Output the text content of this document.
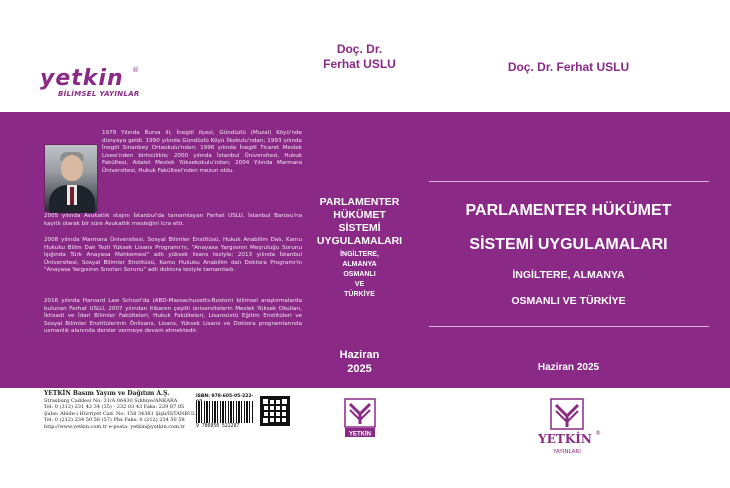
yetkin ®
BİLİMSEL YAYINLAR

1979 Yılında Bursa ili, İnegöl ilçesi, Gündüzlü (Muzal) Köyü'nde dünyaya geldi. 1990 yılında Gündüzlü Köyü İlkokulu'ndan; 1993 yılında İnegöl Sinanbey Ortaokulu'ndan; 1996 yılında İnegöl Ticaret Meslek Lisesi'nden birincilikle; 2000 yılında İstanbul Üniversitesi, Hukuk Fakültesi, Adalet Meslek Yüksekokulu'ndan; 2004 Yılında Marmara Üniversitesi, Hukuk Fakültesi'nden mezun oldu.

2005 yılında Avukatlık stajını İstanbul'da tamamlayan Ferhat USLU, İstanbul Barosu'na kayıtlı olarak bir süre Avukatlık mesleğini icra etti.

2008 yılında Marmara Üniversitesi, Sosyal Bilimler Enstitüsü, Hukuk Anabilim Dalı, Kamu Hukuku Bilim Dalı Tezli Yüksek Lisans Programı'nı, "Anayasa Yargısının Meşruluğu Sorunu Işığında Türk Anayasa Mahkemesi" adlı yüksek lisans teziyle; 2013 yılında İstanbul Üniversitesi, Sosyal Bilimler Enstitüsü, Kamu Hukuku Anabilim dalı Doktora Programı'nı "Anayasa Yargısının Sınırları Sorunu" adlı doktora teziyle tamamladı.

2016 yılında Harvard Law School'da (ABD-Massachusetts-Boston) bilimsel araştırmalarda bulunan Ferhat USLU, 2007 yılından itibaren çeşitli üniversitelerin Meslek Yüksek Okulları, İktisadi ve İdari Bilimler Fakülteleri, Hukuk Fakülteleri, Lisansüstü Eğitim Enstitüleri ve Sosyal Bilimler Enstitülerinin Önlisans, Lisans, Yüksek Lisans ve Doktora programlarında uzmanlık alanında dersler vermeye devam etmektedir.

YETKİN Basım Yayım ve Dağıtım A.Ş.
Strasburg Caddesi No: 31/A 06430 Sıhhiye/ANKARA
Tel: 0 (312) 231 42 34 (35) - 232 03 43 Faks: 229 87 85
Şube: Abide-i Hürriyet Cad. No: 158 34381 Şişli/İSTANBUL
Tel: 0 (212) 234 50 56 (57) Pbx Faks: 0 (212) 234 50 58
http://www.yetkin.com.tr e-posta: yetkin@yetkin.com.tr
ISBN: 978-605-05-222-
9 786050 522297
Doç. Dr.
Ferhat USLU
PARLAMENTER
HÜKÜMET
SİSTEMİ
UYGULAMALARI
İNGİLTERE,
ALMANYA
OSMANLI
VE
TÜRKİYE
Haziran
2025
YETKİN
Doç. Dr. Ferhat USLU
PARLAMENTER HÜKÜMET
SİSTEMİ UYGULAMALARI
İNGİLTERE, ALMANYA
OSMANLI VE TÜRKİYE
Haziran 2025
YETKİN ®
YAYINLARI
